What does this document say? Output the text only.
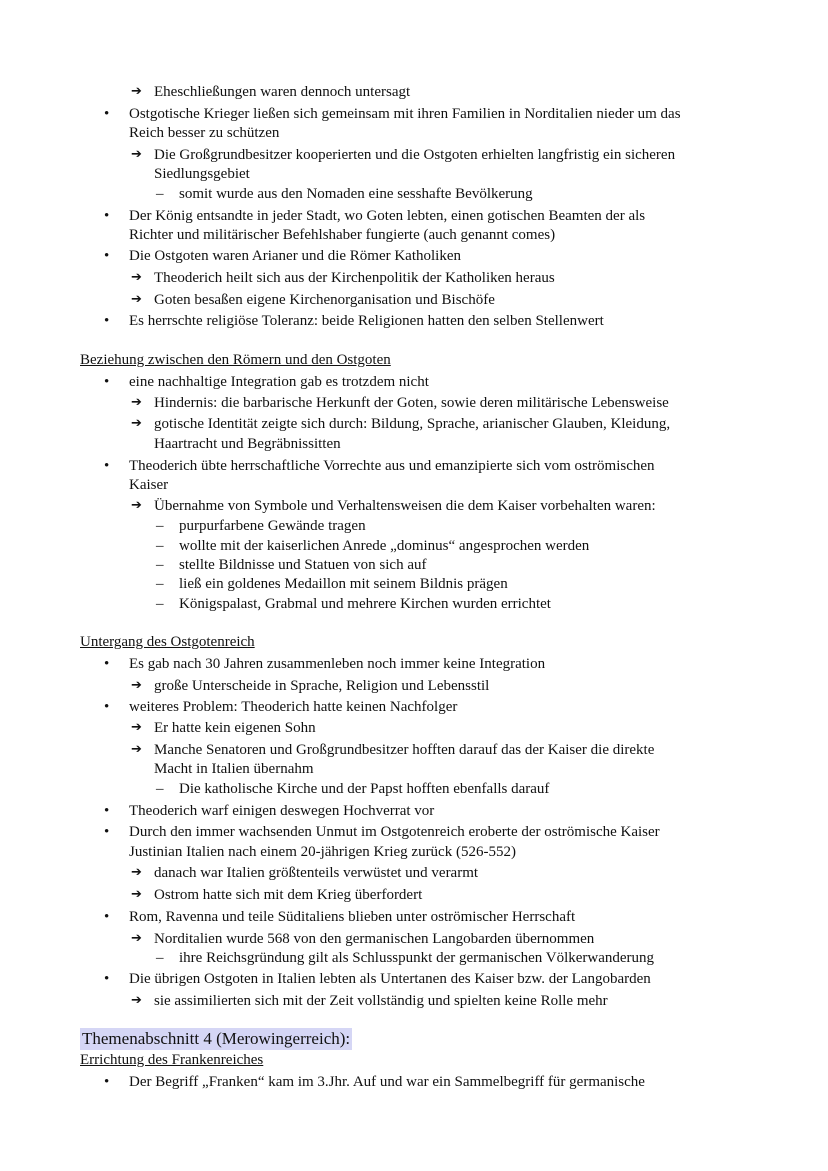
➔ Eheschließungen waren dennoch untersagt
• Ostgotische Krieger ließen sich gemeinsam mit ihren Familien in Norditalien nieder um das
Reich besser zu schützen
➔ Die Großgrundbesitzer kooperierten und die Ostgoten erhielten langfristig ein sicheren
Siedlungsgebiet
– somit wurde aus den Nomaden eine sesshafte Bevölkerung
• Der König entsandte in jeder Stadt, wo Goten lebten, einen gotischen Beamten der als
Richter und militärischer Befehlshaber fungierte (auch genannt comes)
• Die Ostgoten waren Arianer und die Römer Katholiken
➔ Theoderich heilt sich aus der Kirchenpolitik der Katholiken heraus
➔ Goten besaßen eigene Kirchenorganisation und Bischöfe
• Es herrschte religiöse Toleranz: beide Religionen hatten den selben Stellenwert
Beziehung zwischen den Römern und den Ostgoten
• eine nachhaltige Integration gab es trotzdem nicht
➔ Hindernis: die barbarische Herkunft der Goten, sowie deren militärische Lebensweise
➔ gotische Identität zeigte sich durch: Bildung, Sprache, arianischer Glauben, Kleidung,
Haartracht und Begräbnissitten
• Theoderich übte herrschaftliche Vorrechte aus und emanzipierte sich vom oströmischen
Kaiser
➔ Übernahme von Symbole und Verhaltensweisen die dem Kaiser vorbehalten waren:
– purpurfarbene Gewände tragen
– wollte mit der kaiserlichen Anrede „dominus“ angesprochen werden
– stellte Bildnisse und Statuen von sich auf
– ließ ein goldenes Medaillon mit seinem Bildnis prägen
– Königspalast, Grabmal und mehrere Kirchen wurden errichtet
Untergang des Ostgotenreich
• Es gab nach 30 Jahren zusammenleben noch immer keine Integration
➔ große Unterscheide in Sprache, Religion und Lebensstil
• weiteres Problem: Theoderich hatte keinen Nachfolger
➔ Er hatte kein eigenen Sohn
➔ Manche Senatoren und Großgrundbesitzer hofften darauf das der Kaiser die direkte
Macht in Italien übernahm
– Die katholische Kirche und der Papst hofften ebenfalls darauf
• Theoderich warf einigen deswegen Hochverrat vor
• Durch den immer wachsenden Unmut im Ostgotenreich eroberte der oströmische Kaiser
Justinian Italien nach einem 20-jährigen Krieg zurück (526-552)
➔ danach war Italien größtenteils verwüstet und verarmt
➔ Ostrom hatte sich mit dem Krieg überfordert
• Rom, Ravenna und teile Süditaliens blieben unter oströmischer Herrschaft
➔ Norditalien wurde 568 von den germanischen Langobarden übernommen
– ihre Reichsgründung gilt als Schlusspunkt der germanischen Völkerwanderung
• Die übrigen Ostgoten in Italien lebten als Untertanen des Kaiser bzw. der Langobarden
➔ sie assimilierten sich mit der Zeit vollständig und spielten keine Rolle mehr
Themenabschnitt 4 (Merowingerreich):
Errichtung des Frankenreiches
• Der Begriff „Franken“ kam im 3.Jhr. Auf und war ein Sammelbegriff für germanische
